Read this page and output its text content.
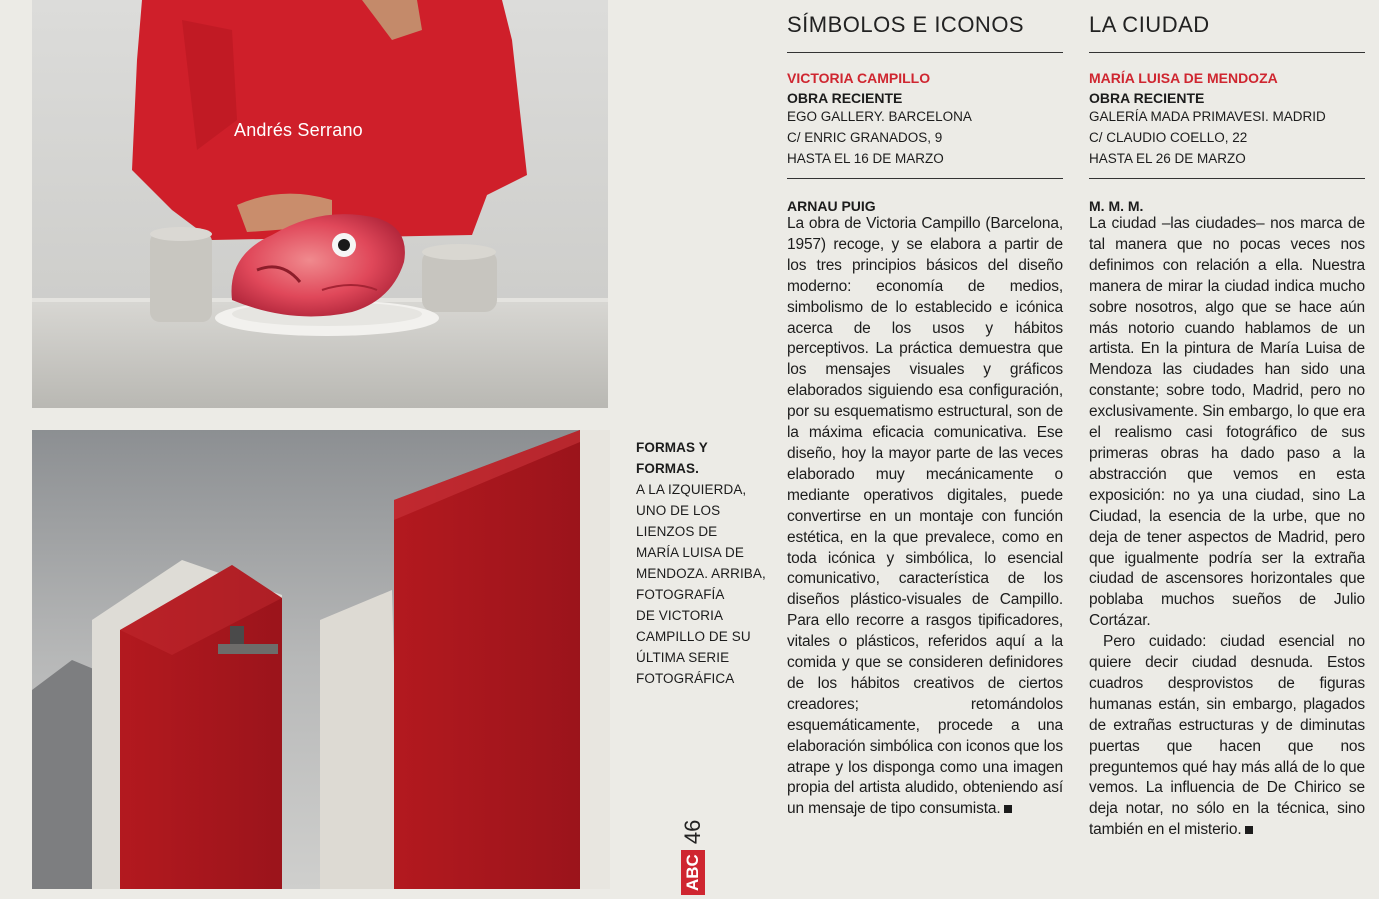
Andrés Serrano
FORMAS Y
FORMAS.
A LA IZQUIERDA,
UNO DE LOS
LIENZOS DE
MARÍA LUISA DE
MENDOZA. ARRIBA,
FOTOGRAFÍA
DE VICTORIA
CAMPILLO DE SU
ÚLTIMA SERIE
FOTOGRÁFICA
ABC
46
SÍMBOLOS E ICONOS
VICTORIA CAMPILLO
OBRA RECIENTE
EGO GALLERY. BARCELONA
C/ ENRIC GRANADOS, 9
HASTA EL 16 DE MARZO
ARNAU PUIG

La obra de Victoria Campillo (Barcelona, 1957) recoge, y se elabora a partir de los tres principios básicos del diseño moderno: economía de medios, simbolismo de lo establecido e icónica acerca de los usos y hábitos perceptivos. La práctica demuestra que los mensajes visuales y gráficos elaborados siguiendo esa configuración, por su esquematismo estructural, son de la máxima eficacia comunicativa. Ese diseño, hoy la mayor parte de las veces elaborado muy mecánicamente o mediante operativos digitales, puede convertirse en un montaje con función estética, en la que prevalece, como en toda icónica y simbólica, lo esencial comunicativo, característica de los diseños plástico-visuales de Campillo. Para ello recorre a rasgos tipificadores, vitales o plásticos, referidos aquí a la comida y que se consideren definidores de los hábitos creativos de ciertos creadores; retomándolos esquemáticamente, procede a una elaboración simbólica con iconos que los atrape y los disponga como una imagen propia del artista aludido, obteniendo así un mensaje de tipo consumista.

LA CIUDAD
MARÍA LUISA DE MENDOZA
OBRA RECIENTE
GALERÍA MADA PRIMAVESI. MADRID
C/ CLAUDIO COELLO, 22
HASTA EL 26 DE MARZO
M. M. M.

La ciudad –las ciudades– nos marca de tal manera que no pocas veces nos definimos con relación a ella. Nuestra manera de mirar la ciudad indica mucho sobre nosotros, algo que se hace aún más notorio cuando hablamos de un artista. En la pintura de María Luisa de Mendoza las ciudades han sido una constante; sobre todo, Madrid, pero no exclusivamente. Sin embargo, lo que era el realismo casi fotográfico de sus primeras obras ha dado paso a la abstracción que vemos en esta exposición: no ya una ciudad, sino La Ciudad, la esencia de la urbe, que no deja de tener aspectos de Madrid, pero que igualmente podría ser la extraña ciudad de ascensores horizontales que poblaba muchos sueños de Julio Cortázar.

Pero cuidado: ciudad esencial no quiere decir ciudad desnuda. Estos cuadros desprovistos de figuras humanas están, sin embargo, plagados de extrañas estructuras y de diminutas puertas que hacen que nos preguntemos qué hay más allá de lo que vemos. La influencia de De Chirico se deja notar, no sólo en la técnica, sino también en el misterio.
